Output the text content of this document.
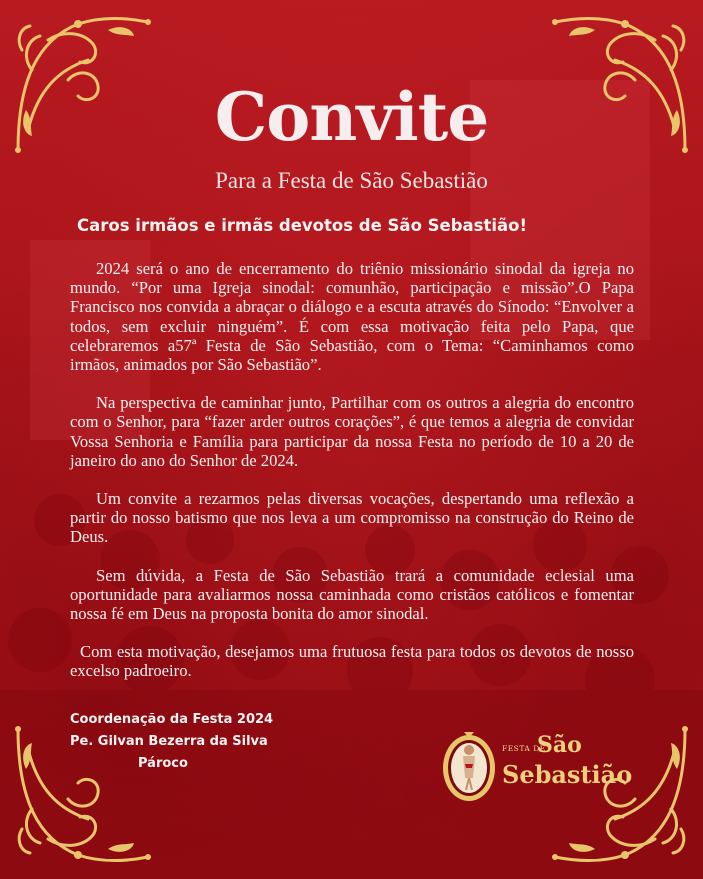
Convite

Para a Festa de São Sebastião

Caros irmãos e irmãs devotos de São Sebastião!

2024 será o ano de encerramento do triênio missionário sinodal da igreja no mundo. “Por uma Igreja sinodal: comunhão, participação e missão”.O Papa Francisco nos convida a abraçar o diálogo e a escuta através do Sínodo: “Envolver a todos, sem excluir ninguém”. É com essa motivação feita pelo Papa, que celebraremos a57ª Festa de São Sebastião, com o Tema: “Caminhamos como irmãos, animados por São Sebastião”.

Na perspectiva de caminhar junto, Partilhar com os outros a alegria do encontro com o Senhor, para “fazer arder outros corações”, é que temos a alegria de convidar Vossa Senhoria e Família para participar da nossa Festa no período de 10 a 20 de janeiro do ano do Senhor de 2024.

Um convite a rezarmos pelas diversas vocações, despertando uma reflexão a partir do nosso batismo que nos leva a um compromisso na construção do Reino de Deus.

Sem dúvida, a Festa de São Sebastião trará a comunidade eclesial uma oportunidade para avaliarmos nossa caminhada como cristãos católicos e fomentar nossa fé em Deus na proposta bonita do amor sinodal.

Com esta motivação, desejamos uma frutuosa festa para todos os devotos de nosso excelso padroeiro.

Coordenação da Festa 2024
Pe. Gilvan Bezerra da Silva
Pároco
FESTA DE
São
Sebastião
